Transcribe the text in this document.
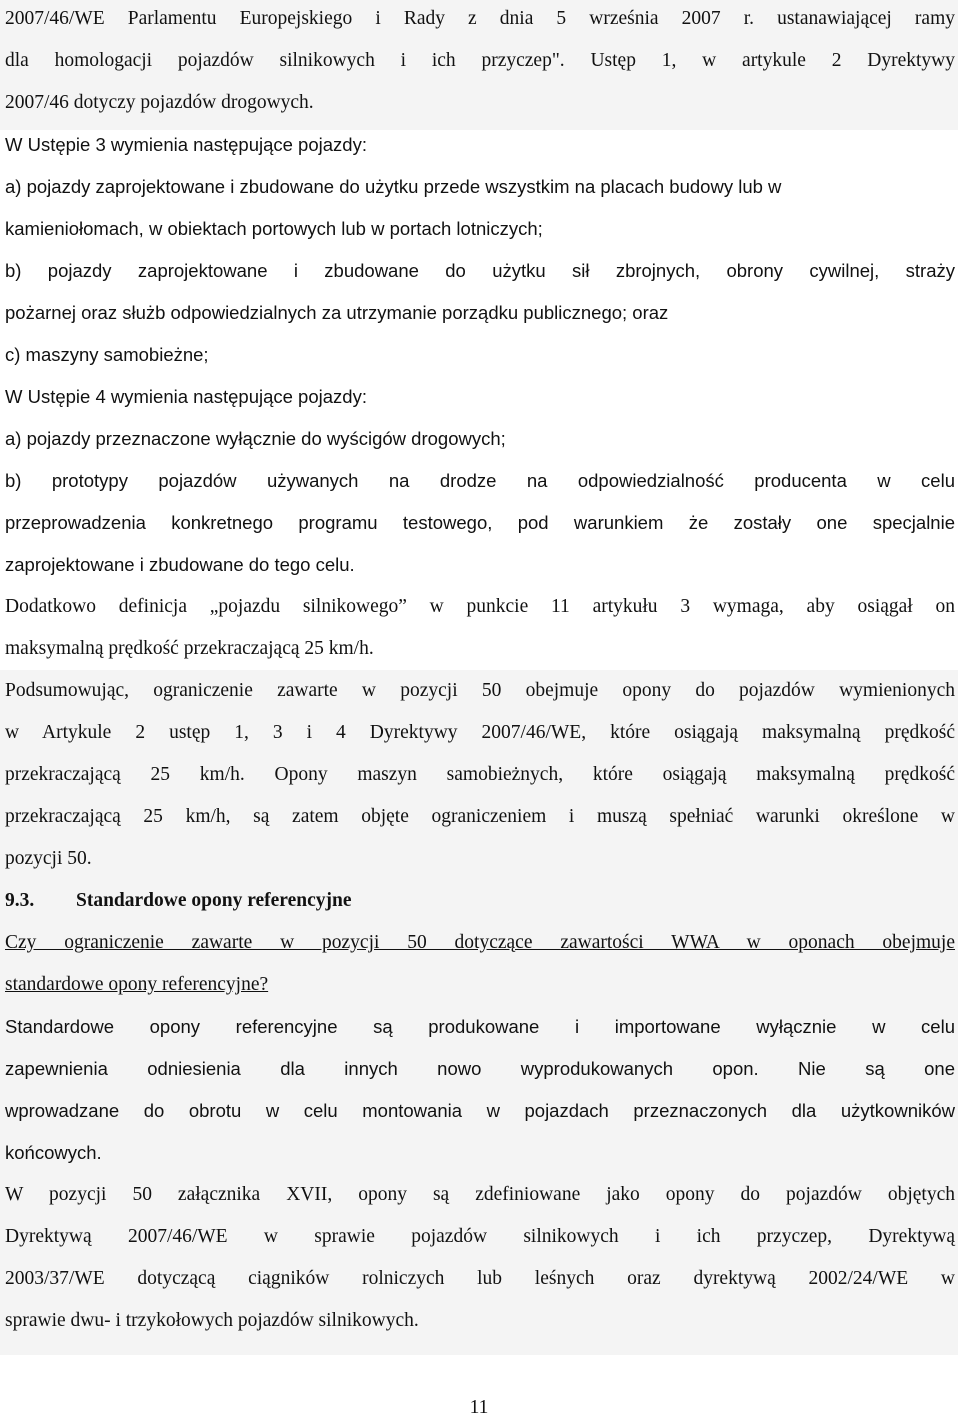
2007/46/WE Parlamentu Europejskiego i Rady z dnia 5 września 2007 r. ustanawiającej ramy
dla homologacji pojazdów silnikowych i ich przyczep". Ustęp 1, w artykule 2 Dyrektywy
2007/46 dotyczy pojazdów drogowych.
W Ustępie 3 wymienia następujące pojazdy:
a) pojazdy zaprojektowane i zbudowane do użytku przede wszystkim na placach budowy lub w
kamieniołomach, w obiektach portowych lub w portach lotniczych;
b) pojazdy zaprojektowane i zbudowane do użytku sił zbrojnych, obrony cywilnej, straży
pożarnej oraz służb odpowiedzialnych za utrzymanie porządku publicznego; oraz
c) maszyny samobieżne;
W Ustępie 4 wymienia następujące pojazdy:
a) pojazdy przeznaczone wyłącznie do wyścigów drogowych;
b) prototypy pojazdów używanych na drodze na odpowiedzialność producenta w celu
przeprowadzenia konkretnego programu testowego, pod warunkiem że zostały one specjalnie
zaprojektowane i zbudowane do tego celu.
Dodatkowo definicja „pojazdu silnikowego” w punkcie 11 artykułu 3 wymaga, aby osiągał on
maksymalną prędkość przekraczającą 25 km/h.
Podsumowując, ograniczenie zawarte w pozycji 50 obejmuje opony do pojazdów wymienionych
w Artykule 2 ustęp 1, 3 i 4 Dyrektywy 2007/46/WE, które osiągają maksymalną prędkość
przekraczającą 25 km/h. Opony maszyn samobieżnych, które osiągają maksymalną prędkość
przekraczającą 25 km/h, są zatem objęte ograniczeniem i muszą spełniać warunki określone w
pozycji 50.
9.3. Standardowe opony referencyjne
Czy ograniczenie zawarte w pozycji 50 dotyczące zawartości WWA w oponach obejmuje
standardowe opony referencyjne?
Standardowe opony referencyjne są produkowane i importowane wyłącznie w celu
zapewnienia odniesienia dla innych nowo wyprodukowanych opon. Nie są one
wprowadzane do obrotu w celu montowania w pojazdach przeznaczonych dla użytkowników
końcowych.
W pozycji 50 załącznika XVII, opony są zdefiniowane jako opony do pojazdów objętych
Dyrektywą 2007/46/WE w sprawie pojazdów silnikowych i ich przyczep, Dyrektywą
2003/37/WE dotyczącą ciągników rolniczych lub leśnych oraz dyrektywą 2002/24/WE w
sprawie dwu- i trzykołowych pojazdów silnikowych.
11
